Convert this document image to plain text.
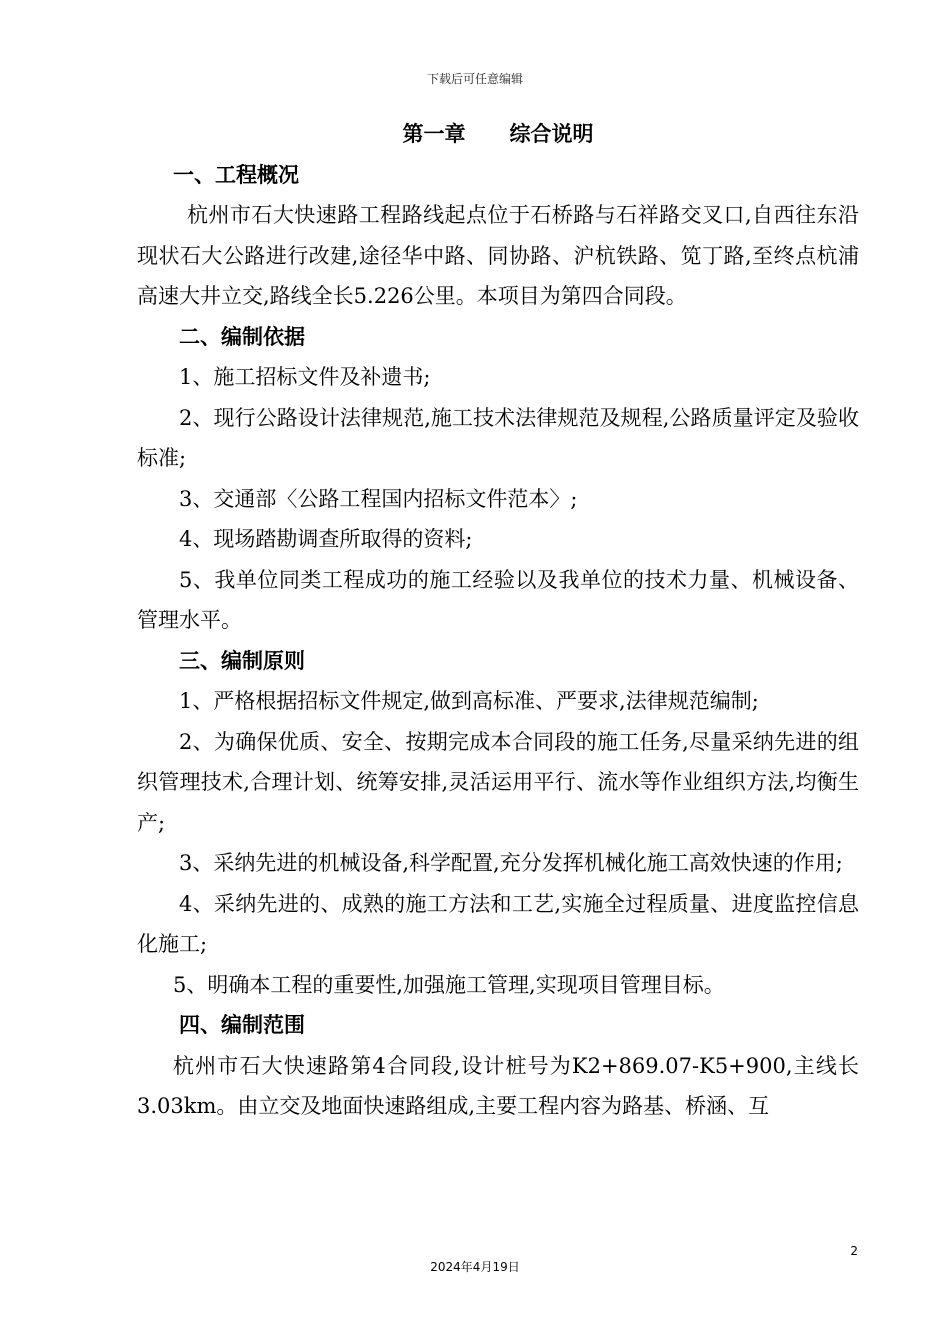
下载后可任意编辑
第一章 综合说明
一、工程概况

杭州市石大快速路工程路线起点位于石桥路与石祥路交叉口,自西往东沿现状石大公路进行改建,途径华中路、同协路、沪杭铁路、笕丁路,至终点杭浦高速大井立交,路线全长5.226公里。本项目为第四合同段。

二、编制依据

1、施工招标文件及补遗书;

2、现行公路设计法律规范,施工技术法律规范及规程,公路质量评定及验收标准;

3、交通部〈公路工程国内招标文件范本〉;

4、现场踏勘调查所取得的资料;

5、我单位同类工程成功的施工经验以及我单位的技术力量、机械设备、管理水平。

三、编制原则

1、严格根据招标文件规定,做到高标准、严要求,法律规范编制;

2、为确保优质、安全、按期完成本合同段的施工任务,尽量采纳先进的组织管理技术,合理计划、统筹安排,灵活运用平行、流水等作业组织方法,均衡生产;

3、采纳先进的机械设备,科学配置,充分发挥机械化施工高效快速的作用;

4、采纳先进的、成熟的施工方法和工艺,实施全过程质量、进度监控信息化施工;

5、明确本工程的重要性,加强施工管理,实现项目管理目标。

四、编制范围

杭州市石大快速路第4合同段,设计桩号为K2+869.07-K5+900,主线长3.03km。由立交及地面快速路组成,主要工程内容为路基、桥涵、互

2
2024年4月19日
